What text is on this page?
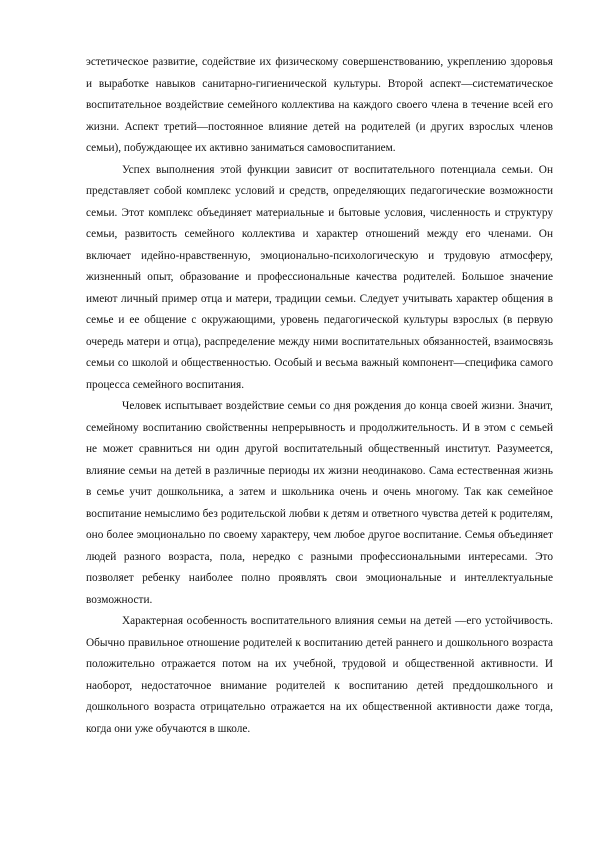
эстетическое развитие, содействие их физическому совершенствованию, укреплению здоровья и выработке навыков санитарно-гигиенической культуры. Второй аспект—систематическое воспитательное воздействие семейного коллектива на каждого своего члена в течение всей его жизни. Аспект третий—постоянное влияние детей на родителей (и других взрослых членов семьи), побуждающее их активно заниматься самовоспитанием.

Успех выполнения этой функции зависит от воспитательного потенциала семьи. Он представляет собой комплекс условий и средств, определяющих педагогические возможности семьи. Этот комплекс объединяет материальные и бытовые условия, численность и структуру семьи, развитость семейного коллектива и характер отношений между его членами. Он включает идейно-нравственную, эмоционально-психологическую и трудовую атмосферу, жизненный опыт, образование и профессиональные качества родителей. Большое значение имеют личный пример отца и матери, традиции семьи. Следует учитывать характер общения в семье и ее общение с окружающими, уровень педагогической культуры взрослых (в первую очередь матери и отца), распределение между ними воспитательных обязанностей, взаимосвязь семьи со школой и общественностью. Особый и весьма важный компонент—специфика самого процесса семейного воспитания.

Человек испытывает воздействие семьи со дня рождения до конца своей жизни. Значит, семейному воспитанию свойственны непрерывность и продолжительность. И в этом с семьей не может сравниться ни один другой воспитательный общественный институт. Разумеется, влияние семьи на детей в различные периоды их жизни неодинаково. Сама естественная жизнь в семье учит дошкольника, а затем и школьника очень и очень многому. Так как семейное воспитание немыслимо без родительской любви к детям и ответного чувства детей к родителям, оно более эмоционально по своему характеру, чем любое другое воспитание. Семья объединяет людей разного возраста, пола, нередко с разными профессиональными интересами. Это позволяет ребенку наиболее полно проявлять свои эмоциональные и интеллектуальные возможности.

Характерная особенность воспитательного влияния семьи на детей —его устойчивость. Обычно правильное отношение родителей к воспитанию детей раннего и дошкольного возраста положительно отражается потом на их учебной, трудовой и общественной активности. И наоборот, недостаточное внимание родителей к воспитанию детей преддошкольного и дошкольного возраста отрицательно отражается на их общественной активности даже тогда, когда они уже обучаются в школе.
